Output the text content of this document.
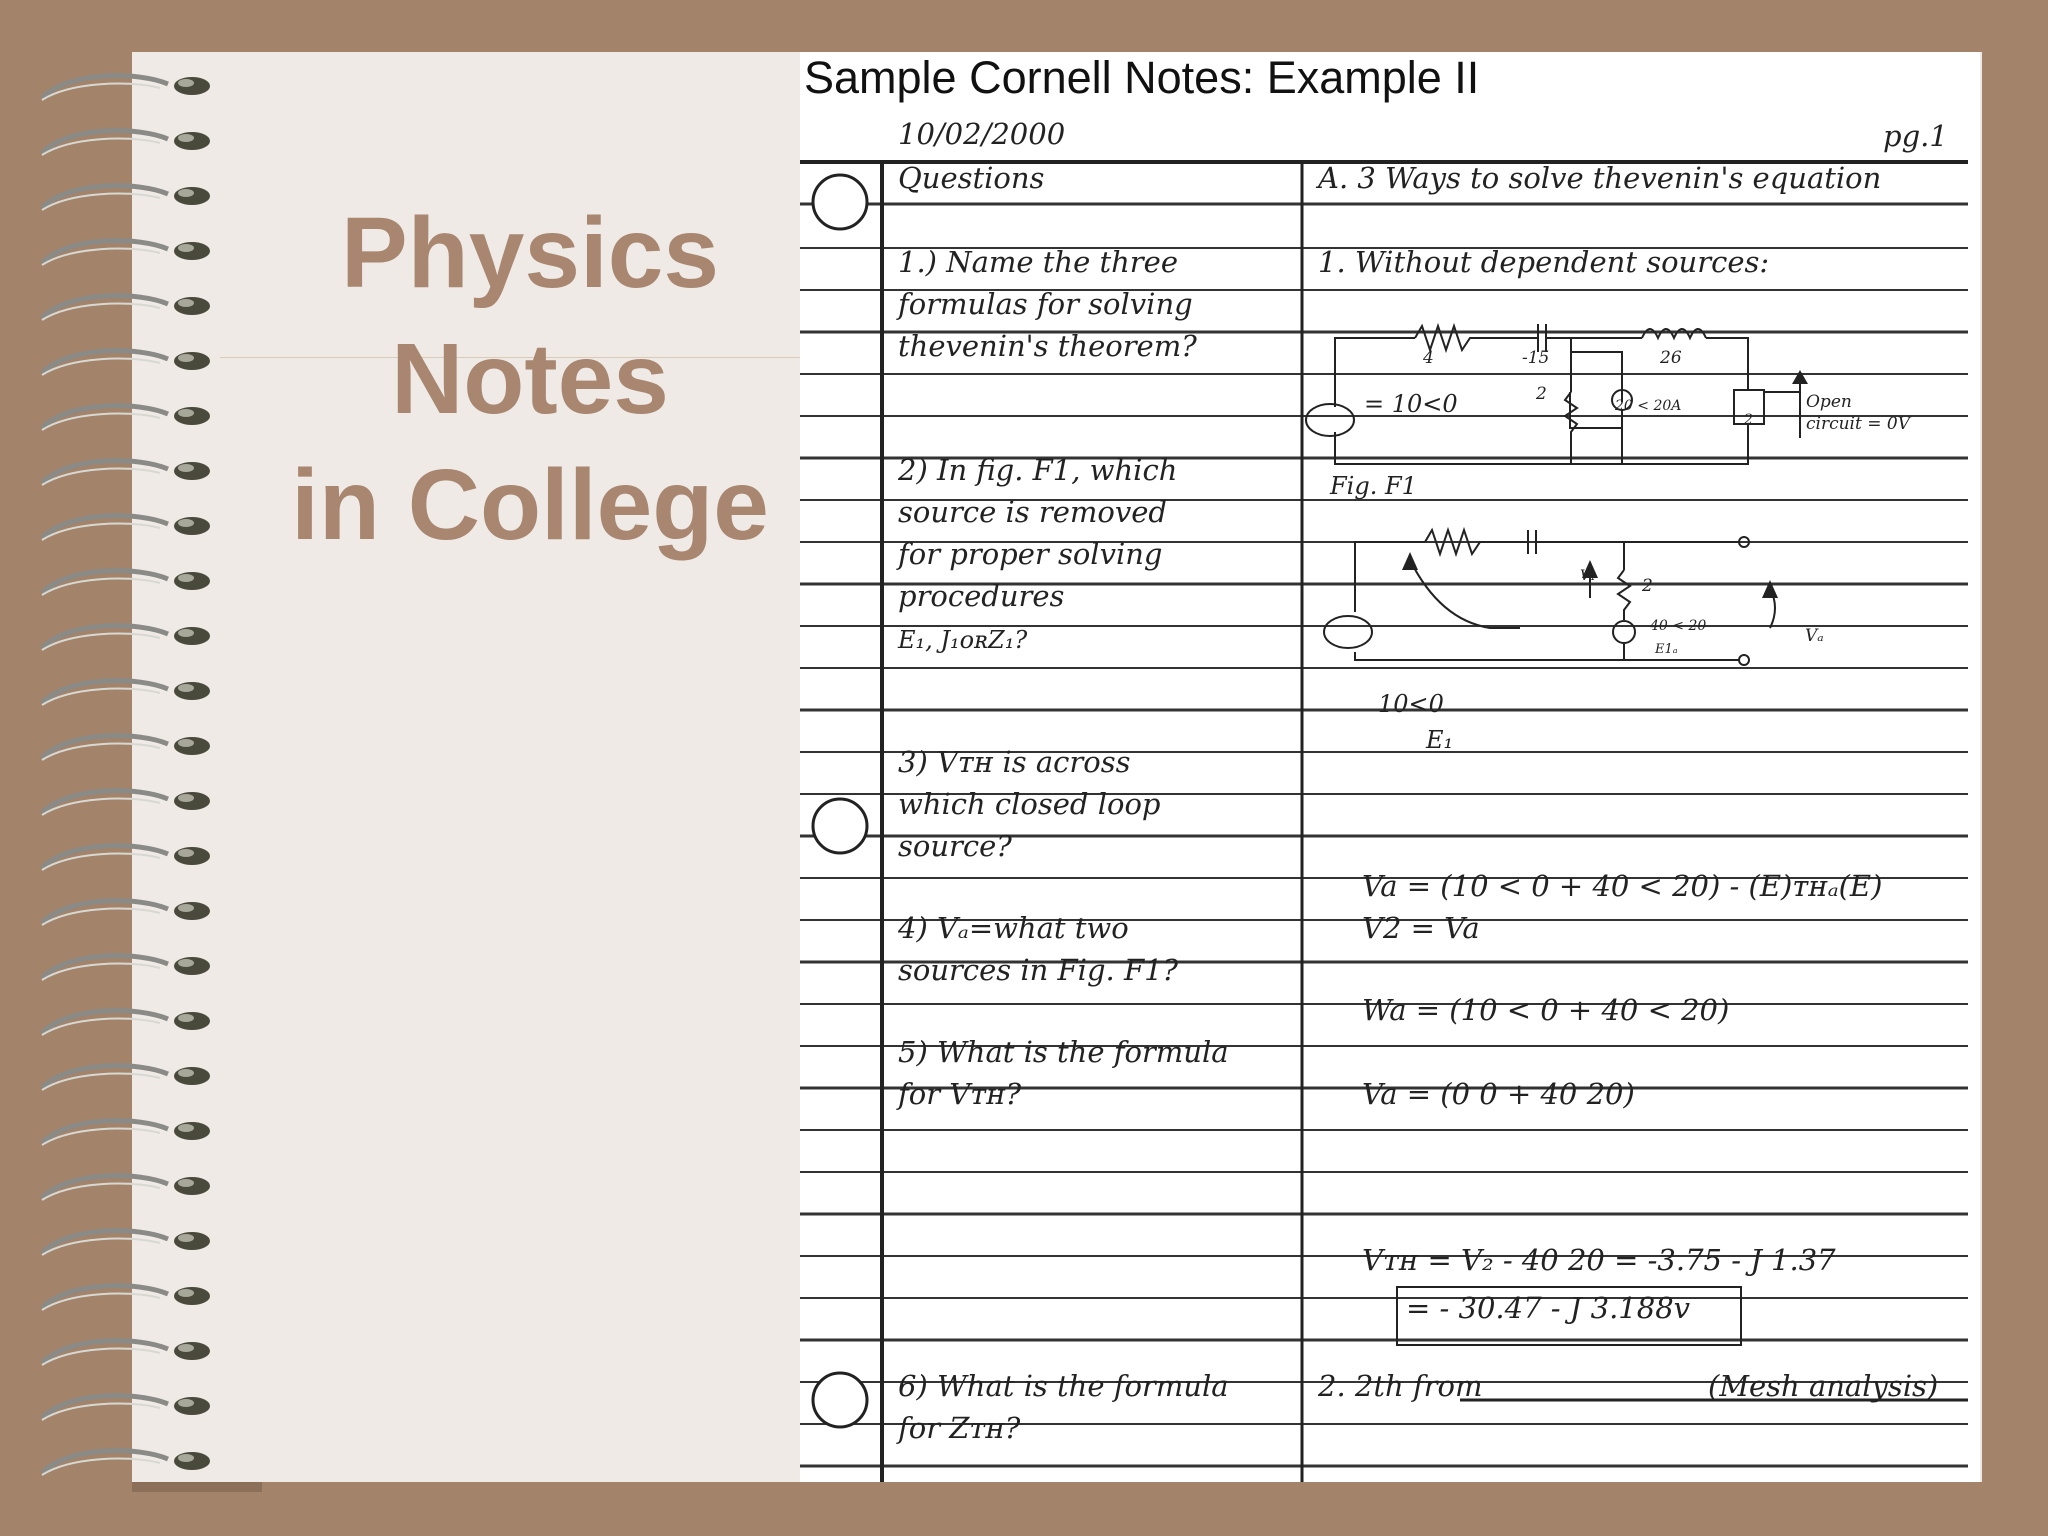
Physics
Notes
in College
Sample Cornell Notes: Example II
10/02/2000	pg.1
Questions	A. 3 Ways to solve thevenin's equation
1.) Name the three
formulas for solving
thevenin's theorem?
2) In fig. F1, which
source is removed
for proper solving
procedures
E₁, J₁ᴏʀZ₁?
3) Vᴛʜ is across
which closed loop
source?
4) Vₐ=what two
sources in Fig. F1?
5) What is the formula
for Vᴛʜ?
6) What is the formula
for Zᴛʜ?
1. Without dependent sources:
4	-15	26
2
20 < 20A
2
= 10<0	Open
circuit = 0V
Fig. F1
2
40 < 20
E1ₐ
V₁
Vₐ
10<0
E₁
Va = (10 < 0 + 40 < 20) - (E)ᴛʜₐ(E)
V2 = Va
Wa = (10 < 0 + 40 < 20)
Va = (0 0 + 40 20)
Vᴛʜ = V₂ - 40 20 = -3.75 - J 1.37
= - 30.47 - J 3.188v
2. 2th from	(Mesh analysis)
